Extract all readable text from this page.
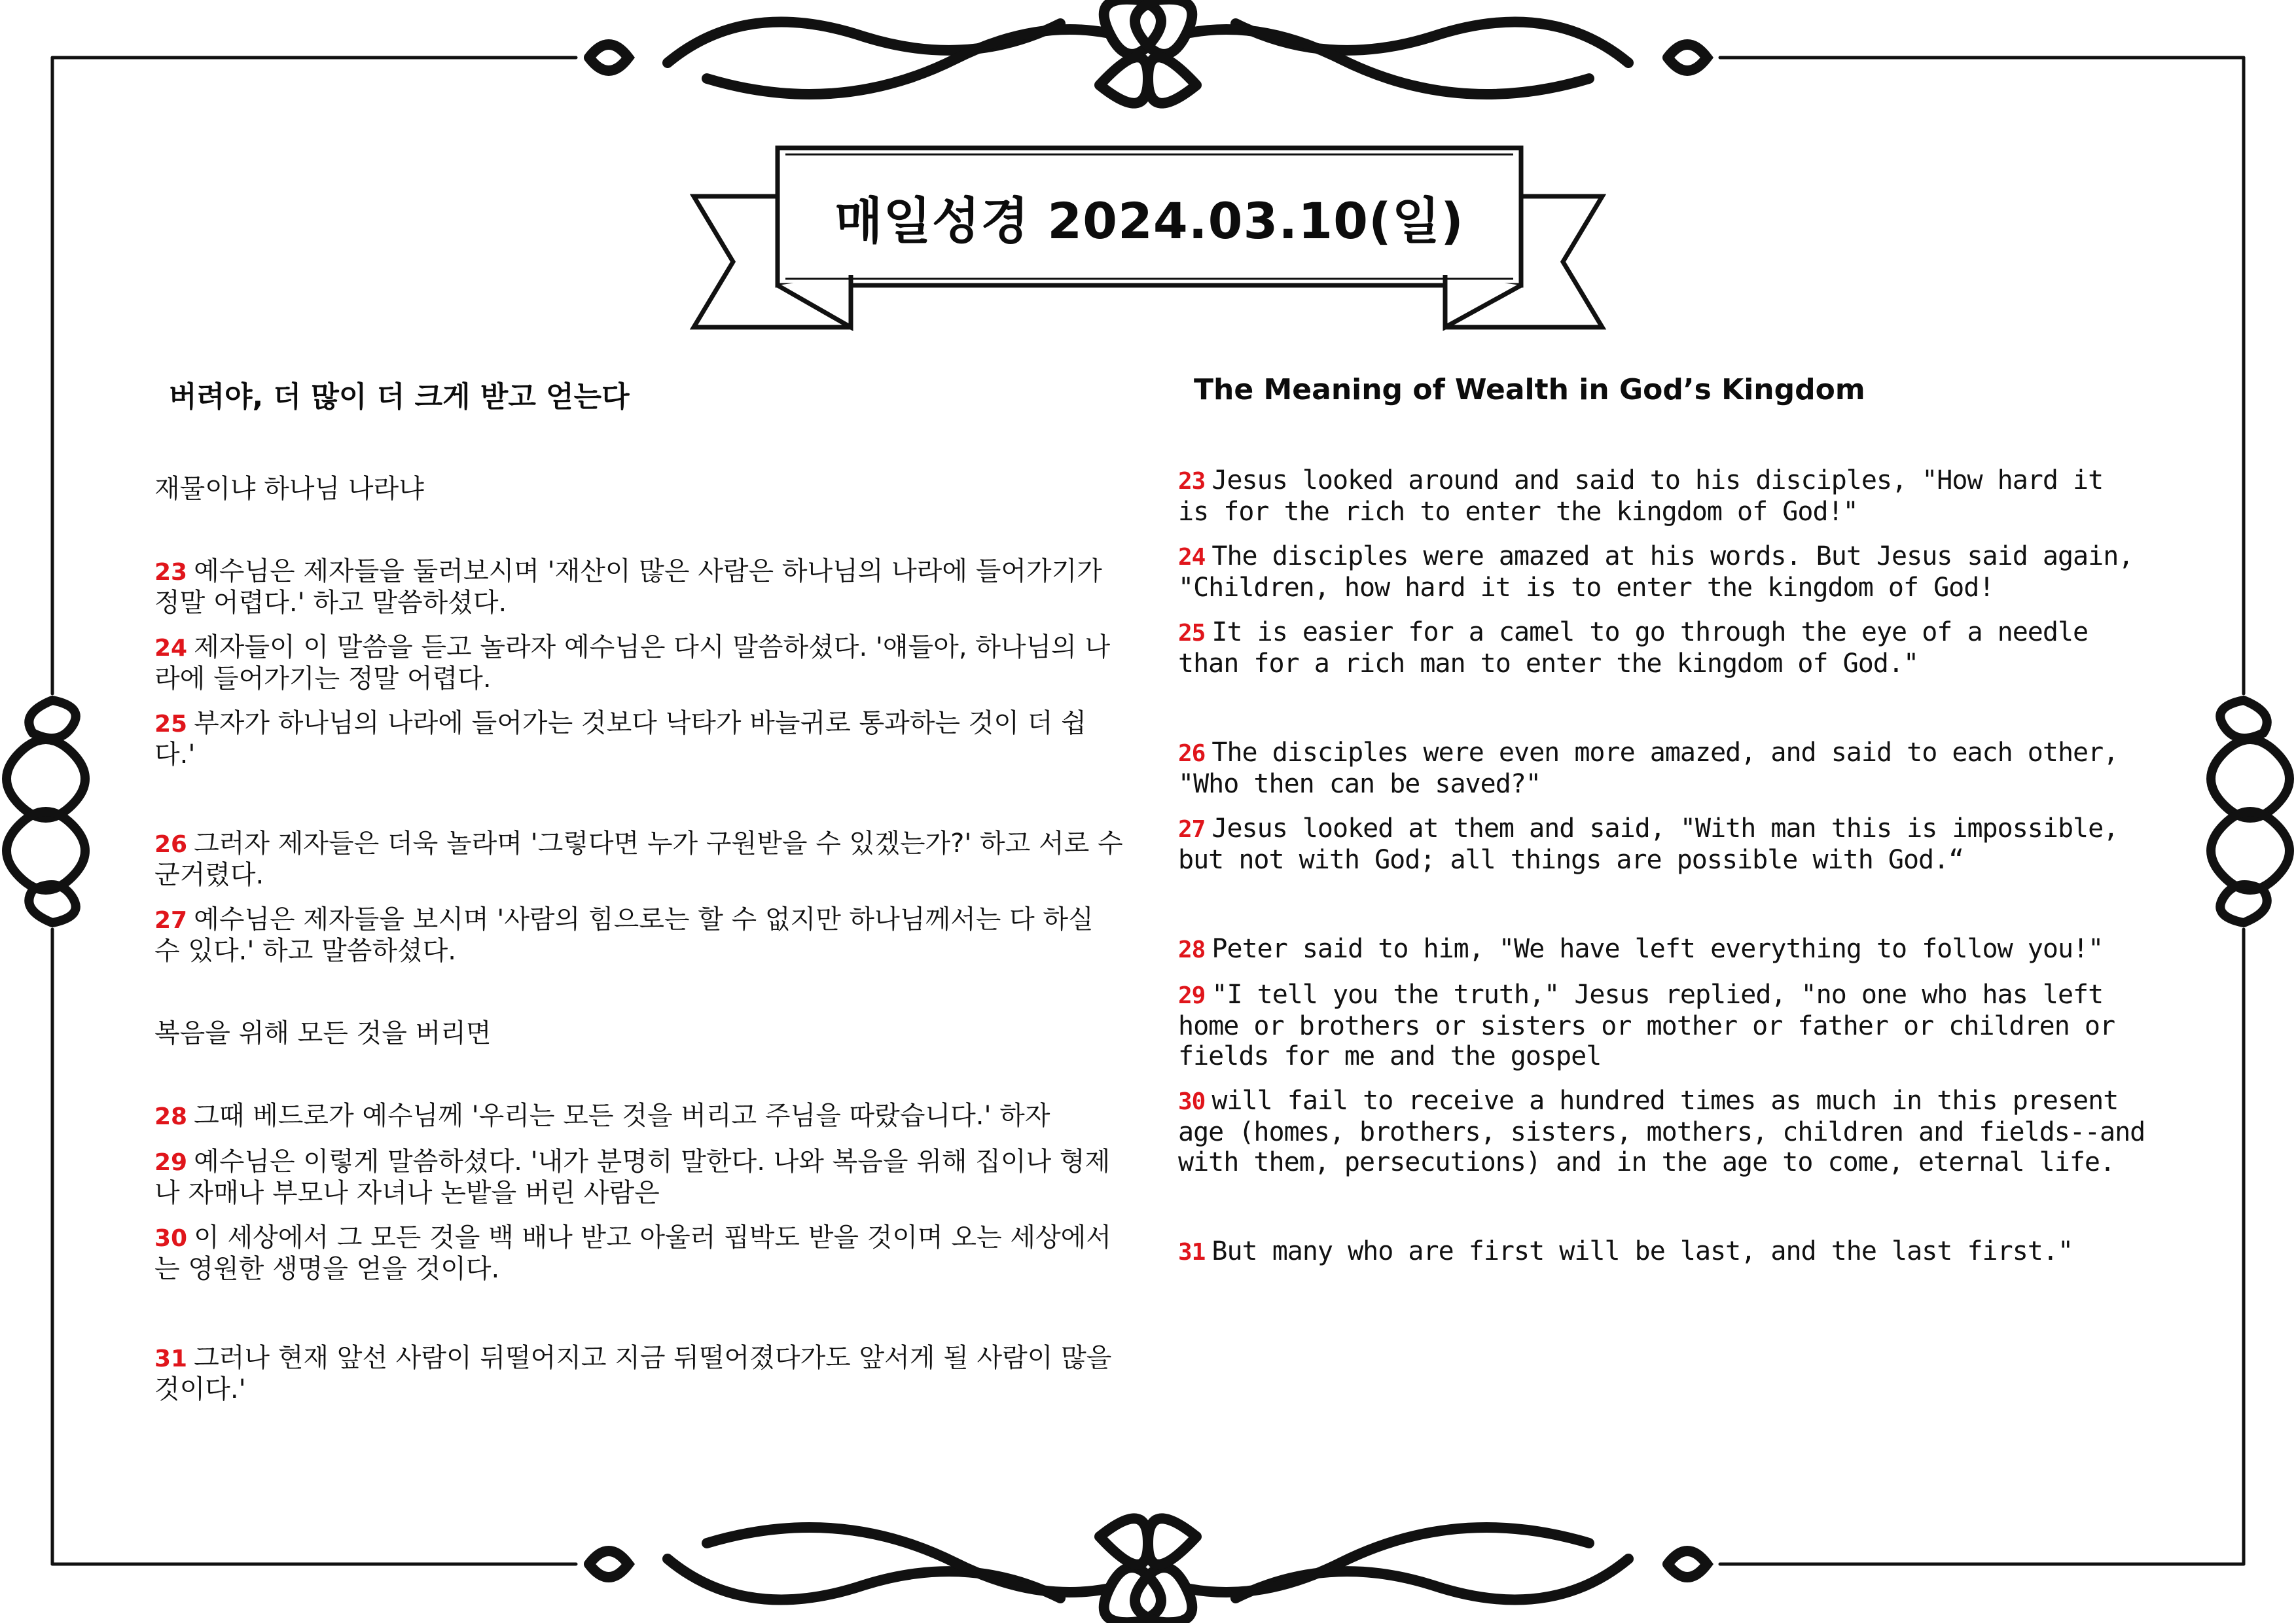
매일성경 2024.03.10(일)
버려야, 더 많이 더 크게 받고 얻는다

재물이냐 하나님 나라냐

23 예수님은 제자들을 둘러보시며 '재산이 많은 사람은 하나님의 나라에 들어가기가 정말 어렵다.' 하고 말씀하셨다.

24 제자들이 이 말씀을 듣고 놀라자 예수님은 다시 말씀하셨다. '얘들아, 하나님의 나라에 들어가기는 정말 어렵다.

25 부자가 하나님의 나라에 들어가는 것보다 낙타가 바늘귀로 통과하는 것이 더 쉽다.'

26 그러자 제자들은 더욱 놀라며 '그렇다면 누가 구원받을 수 있겠는가?' 하고 서로 수군거렸다.

27 예수님은 제자들을 보시며 '사람의 힘으로는 할 수 없지만 하나님께서는 다 하실 수 있다.' 하고 말씀하셨다.

복음을 위해 모든 것을 버리면

28 그때 베드로가 예수님께 '우리는 모든 것을 버리고 주님을 따랐습니다.' 하자

29 예수님은 이렇게 말씀하셨다. '내가 분명히 말한다. 나와 복음을 위해 집이나 형제나 자매나 부모나 자녀나 논밭을 버린 사람은

30 이 세상에서 그 모든 것을 백 배나 받고 아울러 핍박도 받을 것이며 오는 세상에서는 영원한 생명을 얻을 것이다.

31 그러나 현재 앞선 사람이 뒤떨어지고 지금 뒤떨어졌다가도 앞서게 될 사람이 많을 것이다.'

The Meaning of Wealth in God’s Kingdom

23 Jesus looked around and said to his disciples, "How hard it is for the rich to enter the kingdom of God!"

24 The disciples were amazed at his words. But Jesus said again, "Children, how hard it is to enter the kingdom of God!

25 It is easier for a camel to go through the eye of a needle than for a rich man to enter the kingdom of God."

26 The disciples were even more amazed, and said to each other, "Who then can be saved?"

27 Jesus looked at them and said, "With man this is impossible, but not with God; all things are possible with God.“

28 Peter said to him, "We have left everything to follow you!"

29 "I tell you the truth," Jesus replied, "no one who has left home or brothers or sisters or mother or father or children or fields for me and the gospel

30 will fail to receive a hundred times as much in this present age (homes, brothers, sisters, mothers, children and fields--and with them, persecutions) and in the age to come, eternal life.

31 But many who are first will be last, and the last first."
